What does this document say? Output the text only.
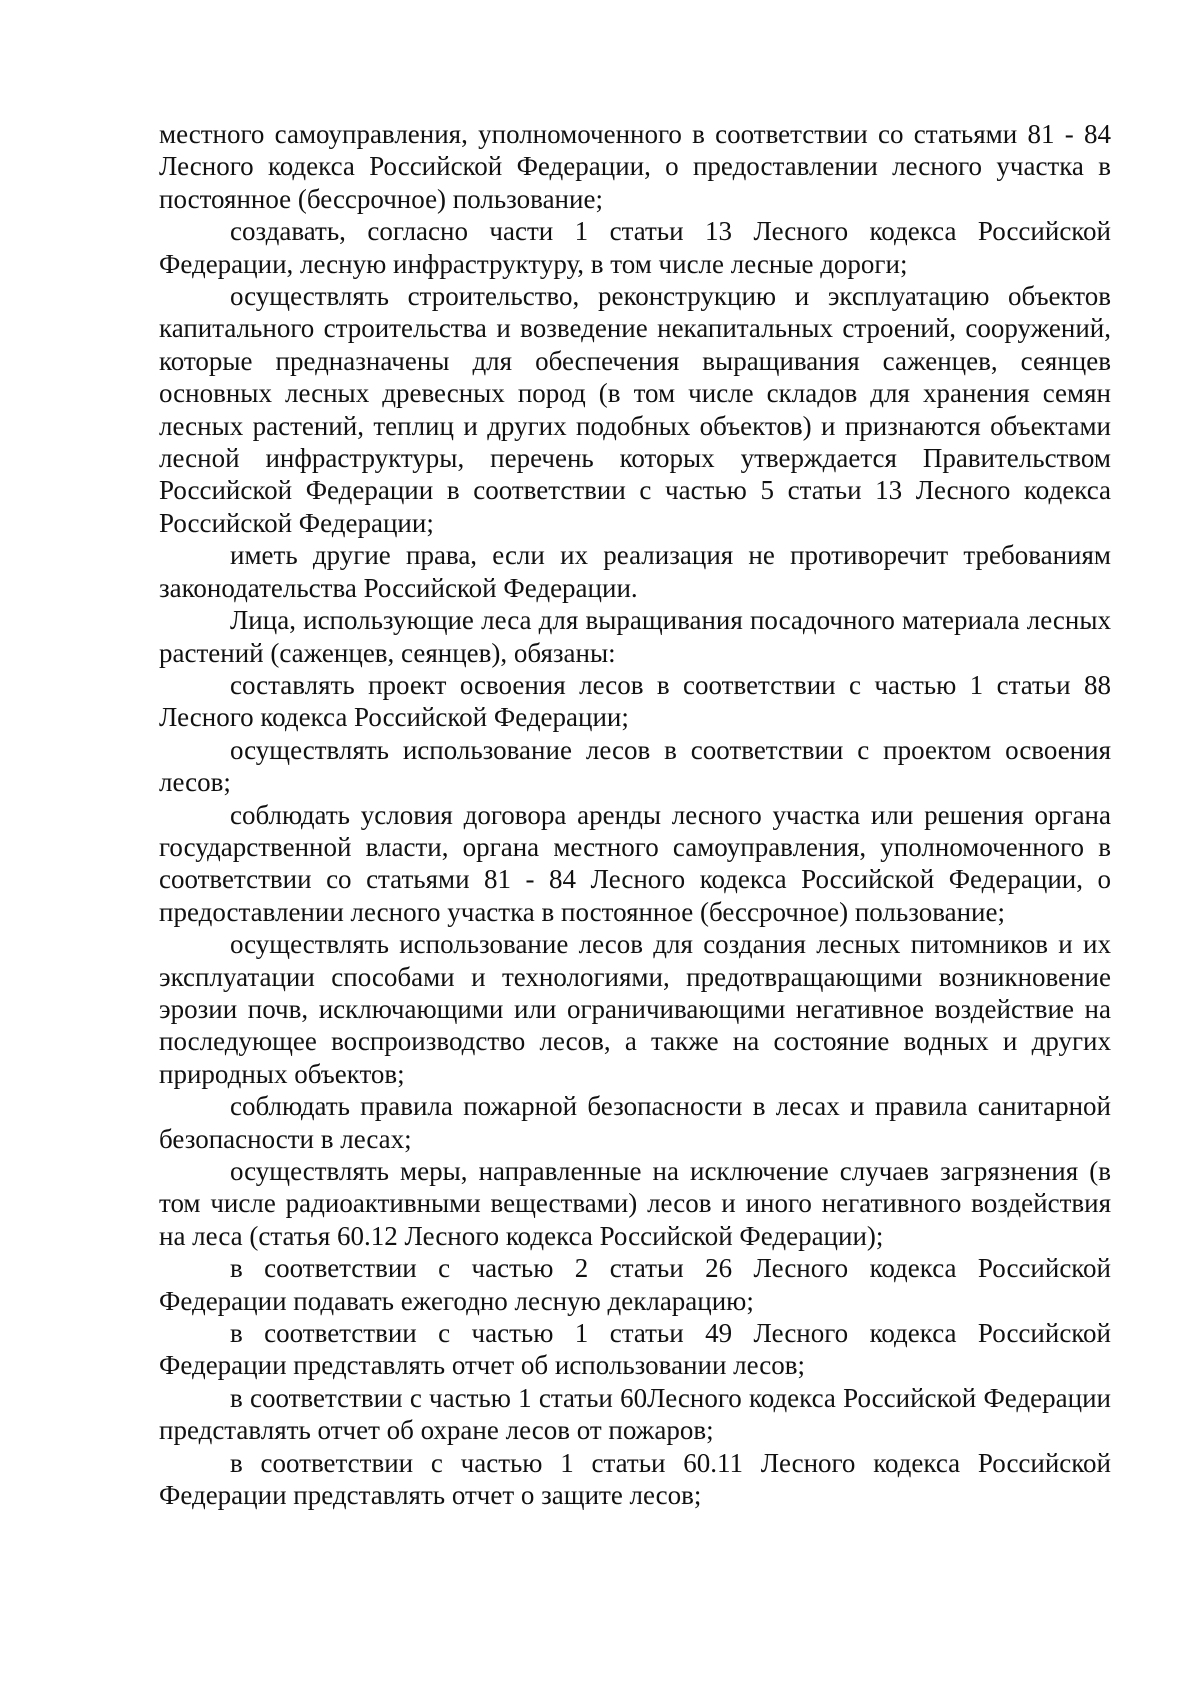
местного самоуправления, уполномоченного в соответствии со статьями 81 - 84 Лесного кодекса Российской Федерации, о предоставлении лесного участка в постоянное (бессрочное) пользование;

создавать, согласно части 1 статьи 13 Лесного кодекса Российской Федерации, лесную инфраструктуру, в том числе лесные дороги;

осуществлять строительство, реконструкцию и эксплуатацию объектов капитального строительства и возведение некапитальных строений, сооружений, которые предназначены для обеспечения выращивания саженцев, сеянцев основных лесных древесных пород (в том числе складов для хранения семян лесных растений, теплиц и других подобных объектов) и признаются объектами лесной инфраструктуры, перечень которых утверждается Правительством Российской Федерации в соответствии с частью 5 статьи 13 Лесного кодекса Российской Федерации;

иметь другие права, если их реализация не противоречит требованиям законодательства Российской Федерации.

Лица, использующие леса для выращивания посадочного материала лесных растений (саженцев, сеянцев), обязаны:

составлять проект освоения лесов в соответствии с частью 1 статьи 88 Лесного кодекса Российской Федерации;

осуществлять использование лесов в соответствии с проектом освоения лесов;

соблюдать условия договора аренды лесного участка или решения органа государственной власти, органа местного самоуправления, уполномоченного в соответствии со статьями 81 - 84 Лесного кодекса Российской Федерации, о предоставлении лесного участка в постоянное (бессрочное) пользование;

осуществлять использование лесов для создания лесных питомников и их эксплуатации способами и технологиями, предотвращающими возникновение эрозии почв, исключающими или ограничивающими негативное воздействие на последующее воспроизводство лесов, а также на состояние водных и других природных объектов;

соблюдать правила пожарной безопасности в лесах и правила санитарной безопасности в лесах;

осуществлять меры, направленные на исключение случаев загрязнения (в том числе радиоактивными веществами) лесов и иного негативного воздействия на леса (статья 60.12 Лесного кодекса Российской Федерации);

в соответствии с частью 2 статьи 26 Лесного кодекса Российской Федерации подавать ежегодно лесную декларацию;

в соответствии с частью 1 статьи 49 Лесного кодекса Российской Федерации представлять отчет об использовании лесов;

в соответствии с частью 1 статьи 60Лесного кодекса Российской Федерации представлять отчет об охране лесов от пожаров;

в соответствии с частью 1 статьи 60.11 Лесного кодекса Российской Федерации представлять отчет о защите лесов;
